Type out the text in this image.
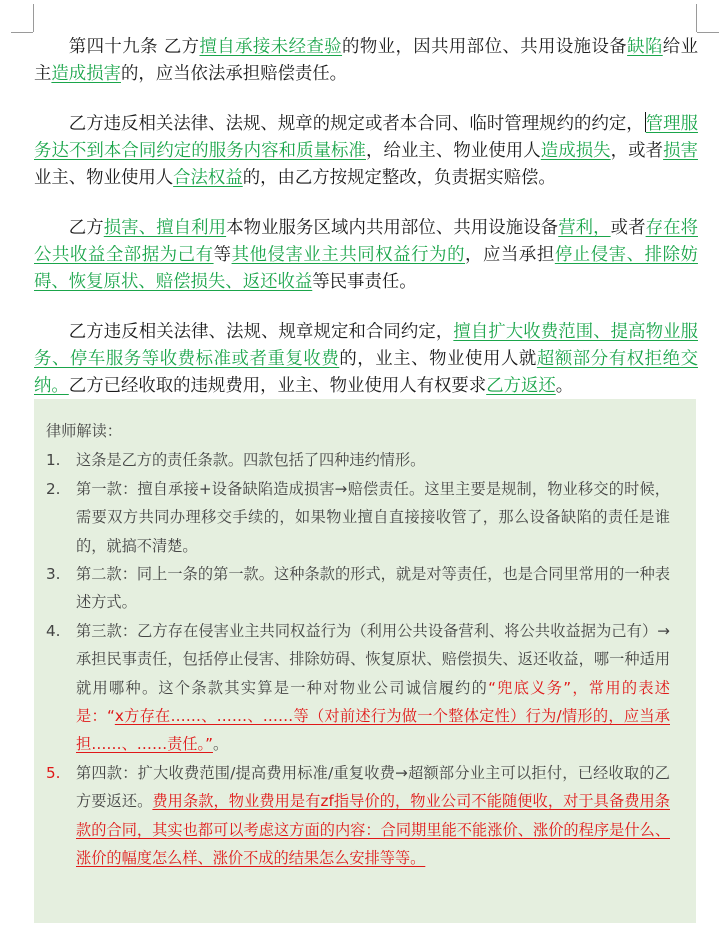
第四十九条 乙方擅自承接未经查验的物业，因共用部位、共用设施设备缺陷给业主造成损害的，应当依法承担赔偿责任。

乙方违反相关法律、法规、规章的规定或者本合同、临时管理规约的约定， 管理服务达不到本合同约定的服务内容和质量标准，给业主、物业使用人造成损失，或者损害业主、物业使用人合法权益的，由乙方按规定整改，负责据实赔偿。

乙方损害、擅自利用本物业服务区域内共用部位、共用设施设备营利，或者存在将公共收益全部据为己有等其他侵害业主共同权益行为的，应当承担停止侵害、排除妨碍、恢复原状、赔偿损失、返还收益等民事责任。

乙方违反相关法律、法规、规章规定和合同约定，擅自扩大收费范围、提高物业服务、停车服务等收费标准或者重复收费的，业主、物业使用人就超额部分有权拒绝交纳。乙方已经收取的违规费用，业主、物业使用人有权要求乙方返还。

律师解读：
1. 这条是乙方的责任条款。四款包括了四种违约情形。
2. 第一款：擅自承接+设备缺陷造成损害→赔偿责任。这里主要是规制，物业移交的时候，需要双方共同办理移交手续的，如果物业擅自直接接收管了，那么设备缺陷的责任是谁的，就搞不清楚。
3. 第二款：同上一条的第一款。这种条款的形式，就是对等责任，也是合同里常用的一种表述方式。
4. 第三款：乙方存在侵害业主共同权益行为（利用公共设备营利、将公共收益据为己有）→承担民事责任，包括停止侵害、排除妨碍、恢复原状、赔偿损失、返还收益，哪一种适用就用哪种。这个条款其实算是一种对物业公司诚信履约的“兜底义务”，常用的表述是：“x方存在……、……、……等（对前述行为做一个整体定性）行为/情形的，应当承担……、……责任。”。
5. 第四款：扩大收费范围/提高费用标准/重复收费→超额部分业主可以拒付，已经收取的乙方要返还。费用条款，物业费用是有zf指导价的，物业公司不能随便收，对于具备费用条款的合同，其实也都可以考虑这方面的内容：合同期里能不能涨价、涨价的程序是什么、涨价的幅度怎么样、涨价不成的结果怎么安排等等。
